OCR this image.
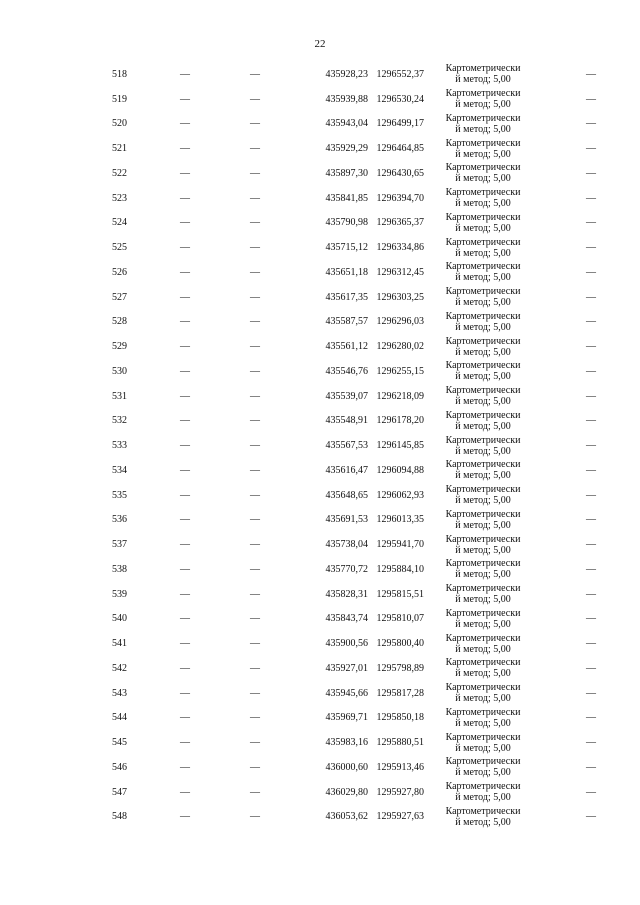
22
518	—	—	435928,23	1296552,37	Картометрически
й метод; 5,00	—
519	—	—	435939,88	1296530,24	Картометрически
й метод; 5,00	—
520	—	—	435943,04	1296499,17	Картометрически
й метод; 5,00	—
521	—	—	435929,29	1296464,85	Картометрически
й метод; 5,00	—
522	—	—	435897,30	1296430,65	Картометрически
й метод; 5,00	—
523	—	—	435841,85	1296394,70	Картометрически
й метод; 5,00	—
524	—	—	435790,98	1296365,37	Картометрически
й метод; 5,00	—
525	—	—	435715,12	1296334,86	Картометрически
й метод; 5,00	—
526	—	—	435651,18	1296312,45	Картометрически
й метод; 5,00	—
527	—	—	435617,35	1296303,25	Картометрически
й метод; 5,00	—
528	—	—	435587,57	1296296,03	Картометрически
й метод; 5,00	—
529	—	—	435561,12	1296280,02	Картометрически
й метод; 5,00	—
530	—	—	435546,76	1296255,15	Картометрически
й метод; 5,00	—
531	—	—	435539,07	1296218,09	Картометрически
й метод; 5,00	—
532	—	—	435548,91	1296178,20	Картометрически
й метод; 5,00	—
533	—	—	435567,53	1296145,85	Картометрически
й метод; 5,00	—
534	—	—	435616,47	1296094,88	Картометрически
й метод; 5,00	—
535	—	—	435648,65	1296062,93	Картометрически
й метод; 5,00	—
536	—	—	435691,53	1296013,35	Картометрически
й метод; 5,00	—
537	—	—	435738,04	1295941,70	Картометрически
й метод; 5,00	—
538	—	—	435770,72	1295884,10	Картометрически
й метод; 5,00	—
539	—	—	435828,31	1295815,51	Картометрически
й метод; 5,00	—
540	—	—	435843,74	1295810,07	Картометрически
й метод; 5,00	—
541	—	—	435900,56	1295800,40	Картометрически
й метод; 5,00	—
542	—	—	435927,01	1295798,89	Картометрически
й метод; 5,00	—
543	—	—	435945,66	1295817,28	Картометрически
й метод; 5,00	—
544	—	—	435969,71	1295850,18	Картометрически
й метод; 5,00	—
545	—	—	435983,16	1295880,51	Картометрически
й метод; 5,00	—
546	—	—	436000,60	1295913,46	Картометрически
й метод; 5,00	—
547	—	—	436029,80	1295927,80	Картометрически
й метод; 5,00	—
548	—	—	436053,62	1295927,63	Картометрически
й метод; 5,00	—
